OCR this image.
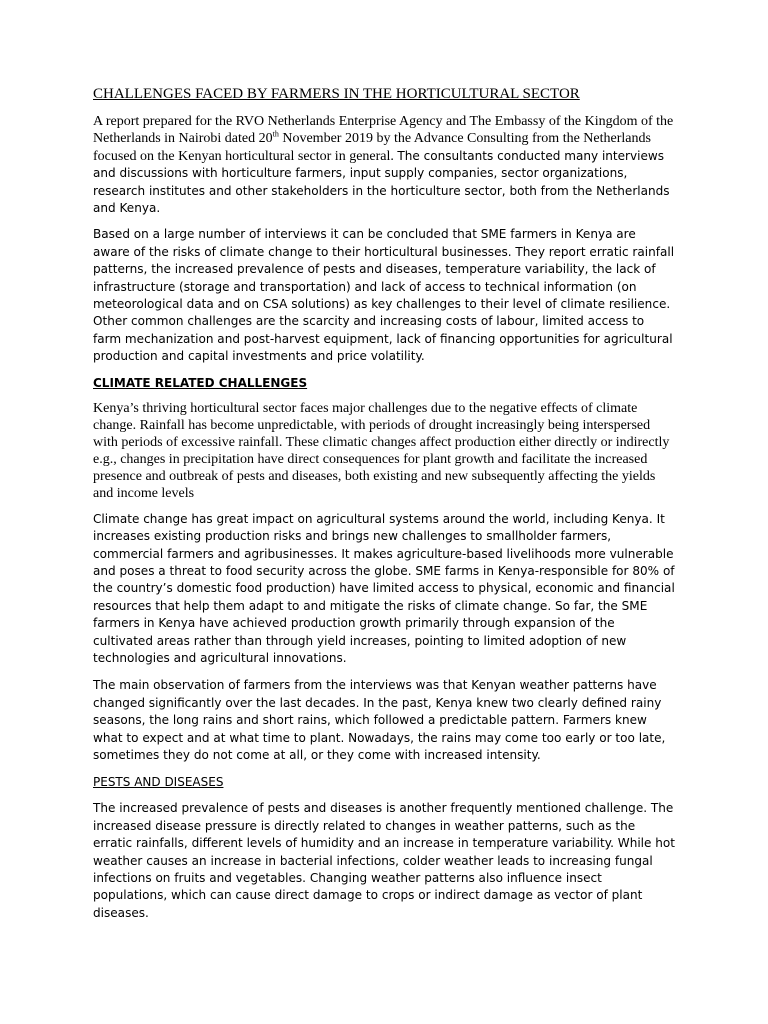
CHALLENGES FACED BY FARMERS IN THE HORTICULTURAL SECTOR

A report prepared for the RVO Netherlands Enterprise Agency and The Embassy of the Kingdom of the Netherlands in Nairobi dated 20th November 2019 by the Advance Consulting from the Netherlands focused on the Kenyan horticultural sector in general. The consultants conducted many interviews and discussions with horticulture farmers, input supply companies, sector organizations, research institutes and other stakeholders in the horticulture sector, both from the Netherlands and Kenya.

Based on a large number of interviews it can be concluded that SME farmers in Kenya are aware of the risks of climate change to their horticultural businesses. They report erratic rainfall patterns, the increased prevalence of pests and diseases, temperature variability, the lack of infrastructure (storage and transportation) and lack of access to technical information (on meteorological data and on CSA solutions) as key challenges to their level of climate resilience. Other common challenges are the scarcity and increasing costs of labour, limited access to farm mechanization and post-harvest equipment, lack of financing opportunities for agricultural production and capital investments and price volatility.

CLIMATE RELATED CHALLENGES

Kenya’s thriving horticultural sector faces major challenges due to the negative effects of climate change. Rainfall has become unpredictable, with periods of drought increasingly being interspersed with periods of excessive rainfall. These climatic changes affect production either directly or indirectly e.g., changes in precipitation have direct consequences for plant growth and facilitate the increased presence and outbreak of pests and diseases, both existing and new subsequently affecting the yields and income levels

Climate change has great impact on agricultural systems around the world, including Kenya. It increases existing production risks and brings new challenges to smallholder farmers, commercial farmers and agribusinesses. It makes agriculture-based livelihoods more vulnerable and poses a threat to food security across the globe. SME farms in Kenya-responsible for 80% of the country’s domestic food production) have limited access to physical, economic and financial resources that help them adapt to and mitigate the risks of climate change. So far, the SME farmers in Kenya have achieved production growth primarily through expansion of the cultivated areas rather than through yield increases, pointing to limited adoption of new technologies and agricultural innovations.

The main observation of farmers from the interviews was that Kenyan weather patterns have changed significantly over the last decades. In the past, Kenya knew two clearly defined rainy seasons, the long rains and short rains, which followed a predictable pattern. Farmers knew what to expect and at what time to plant. Nowadays, the rains may come too early or too late, sometimes they do not come at all, or they come with increased intensity.

PESTS AND DISEASES

The increased prevalence of pests and diseases is another frequently mentioned challenge. The increased disease pressure is directly related to changes in weather patterns, such as the erratic rainfalls, different levels of humidity and an increase in temperature variability. While hot weather causes an increase in bacterial infections, colder weather leads to increasing fungal infections on fruits and vegetables. Changing weather patterns also influence insect populations, which can cause direct damage to crops or indirect damage as vector of plant diseases.
